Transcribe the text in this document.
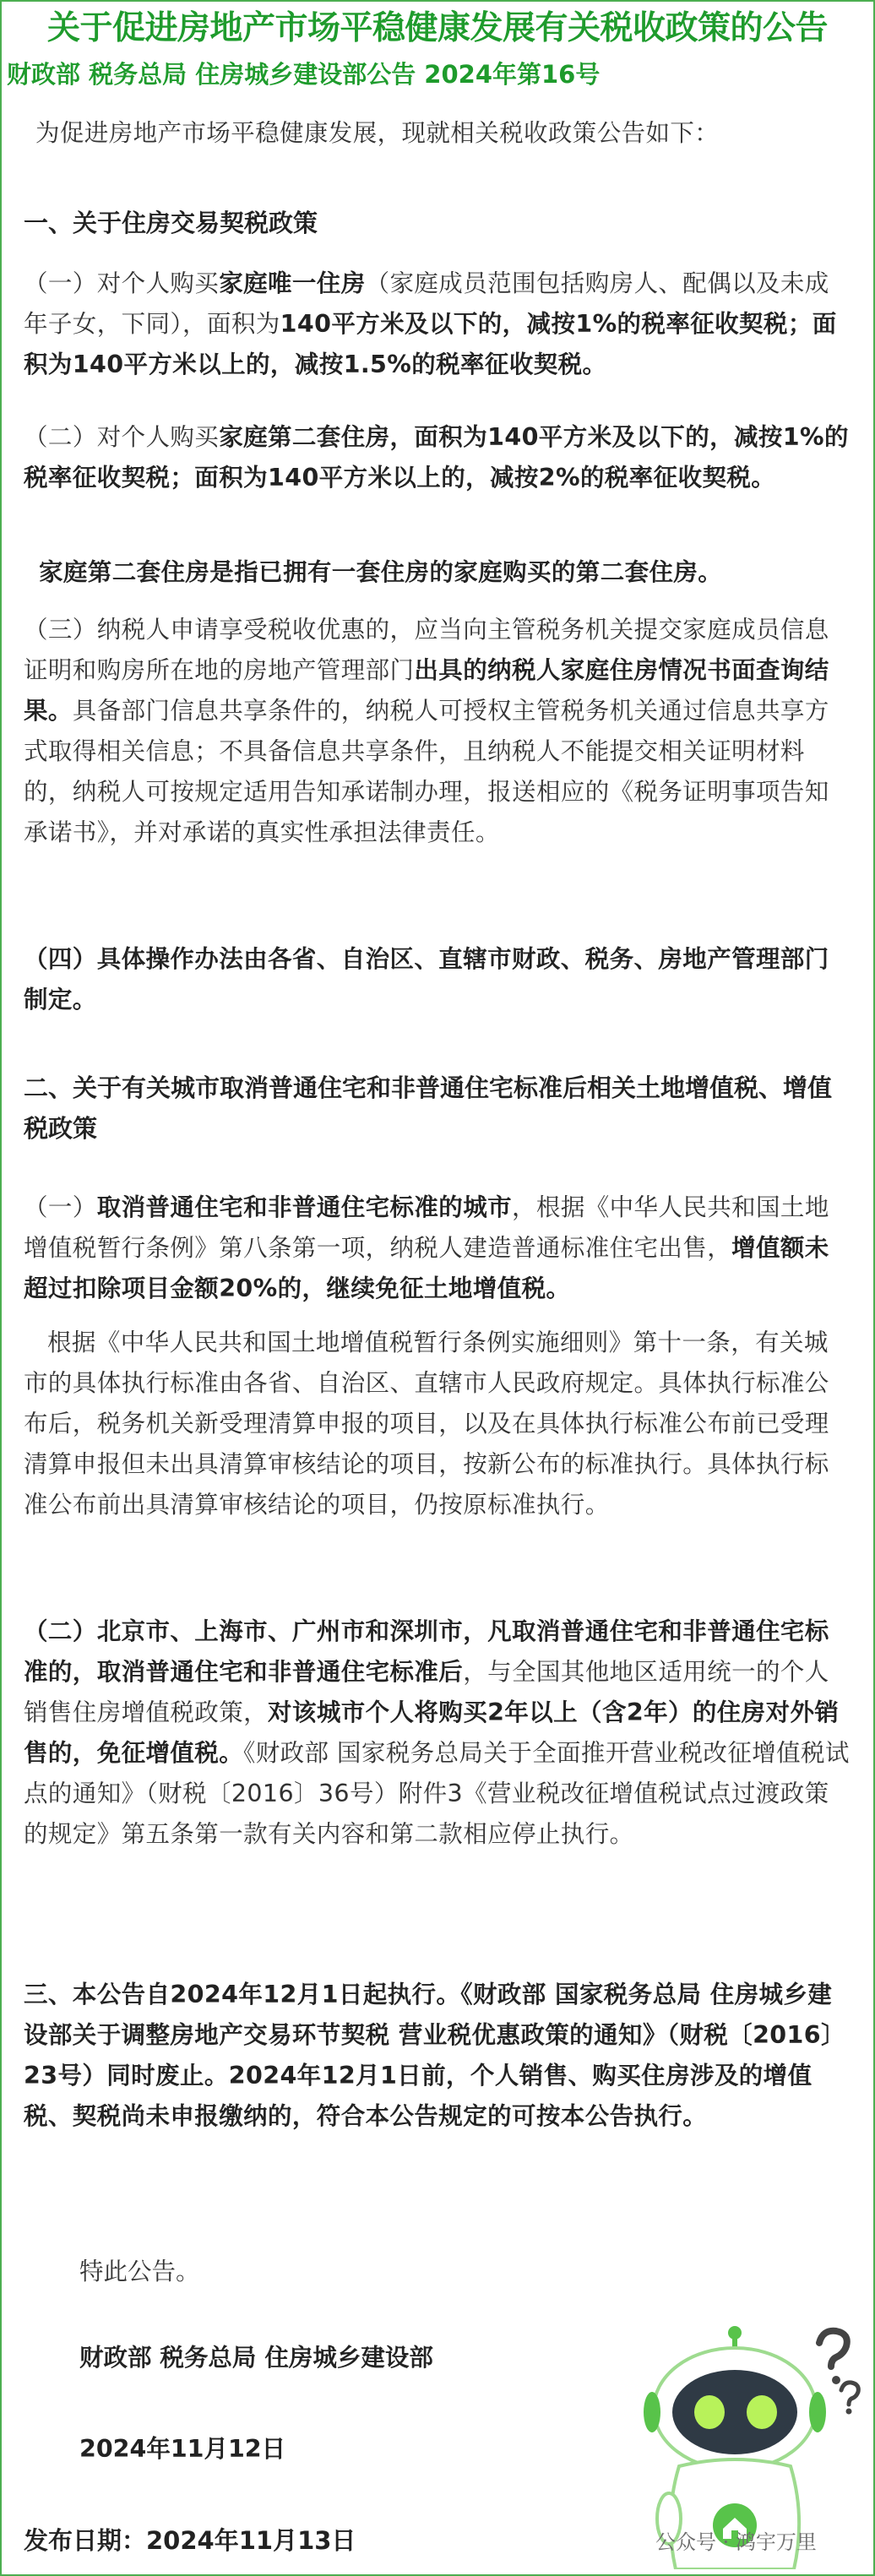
关于促进房地产市场平稳健康发展有关税收政策的公告
财政部 税务总局 住房城乡建设部公告 2024年第16号
为促进房地产市场平稳健康发展，现就相关税收政策公告如下：
一、关于住房交易契税政策
（一）对个人购买家庭唯一住房（家庭成员范围包括购房人、配偶以及未成年子女，下同），面积为140平方米及以下的，减按1%的税率征收契税；面积为140平方米以上的，减按1.5%的税率征收契税。
（二）对个人购买家庭第二套住房，面积为140平方米及以下的，减按1%的税率征收契税；面积为140平方米以上的，减按2%的税率征收契税。
家庭第二套住房是指已拥有一套住房的家庭购买的第二套住房。
（三）纳税人申请享受税收优惠的，应当向主管税务机关提交家庭成员信息证明和购房所在地的房地产管理部门出具的纳税人家庭住房情况书面查询结果。具备部门信息共享条件的，纳税人可授权主管税务机关通过信息共享方式取得相关信息；不具备信息共享条件，且纳税人不能提交相关证明材料的，纳税人可按规定适用告知承诺制办理，报送相应的《税务证明事项告知承诺书》，并对承诺的真实性承担法律责任。
（四）具体操作办法由各省、自治区、直辖市财政、税务、房地产管理部门制定。
二、关于有关城市取消普通住宅和非普通住宅标准后相关土地增值税、增值税政策
（一）取消普通住宅和非普通住宅标准的城市，根据《中华人民共和国土地增值税暂行条例》第八条第一项，纳税人建造普通标准住宅出售，增值额未超过扣除项目金额20%的，继续免征土地增值税。
根据《中华人民共和国土地增值税暂行条例实施细则》第十一条，有关城市的具体执行标准由各省、自治区、直辖市人民政府规定。具体执行标准公布后，税务机关新受理清算申报的项目，以及在具体执行标准公布前已受理清算申报但未出具清算审核结论的项目，按新公布的标准执行。具体执行标准公布前出具清算审核结论的项目，仍按原标准执行。
（二）北京市、上海市、广州市和深圳市，凡取消普通住宅和非普通住宅标准的，取消普通住宅和非普通住宅标准后，与全国其他地区适用统一的个人销售住房增值税政策，对该城市个人将购买2年以上（含2年）的住房对外销售的，免征增值税。《财政部 国家税务总局关于全面推开营业税改征增值税试点的通知》（财税〔2016〕36号）附件3《营业税改征增值税试点过渡政策的规定》第五条第一款有关内容和第二款相应停止执行。
三、本公告自2024年12月1日起执行。《财政部 国家税务总局 住房城乡建设部关于调整房地产交易环节契税 营业税优惠政策的通知》（财税〔2016〕23号）同时废止。2024年12月1日前，个人销售、购买住房涉及的增值税、契税尚未申报缴纳的，符合本公告规定的可按本公告执行。
特此公告。
财政部 税务总局 住房城乡建设部
2024年11月12日
发布日期：2024年11月13日	公众号 · 鸿宇万里
